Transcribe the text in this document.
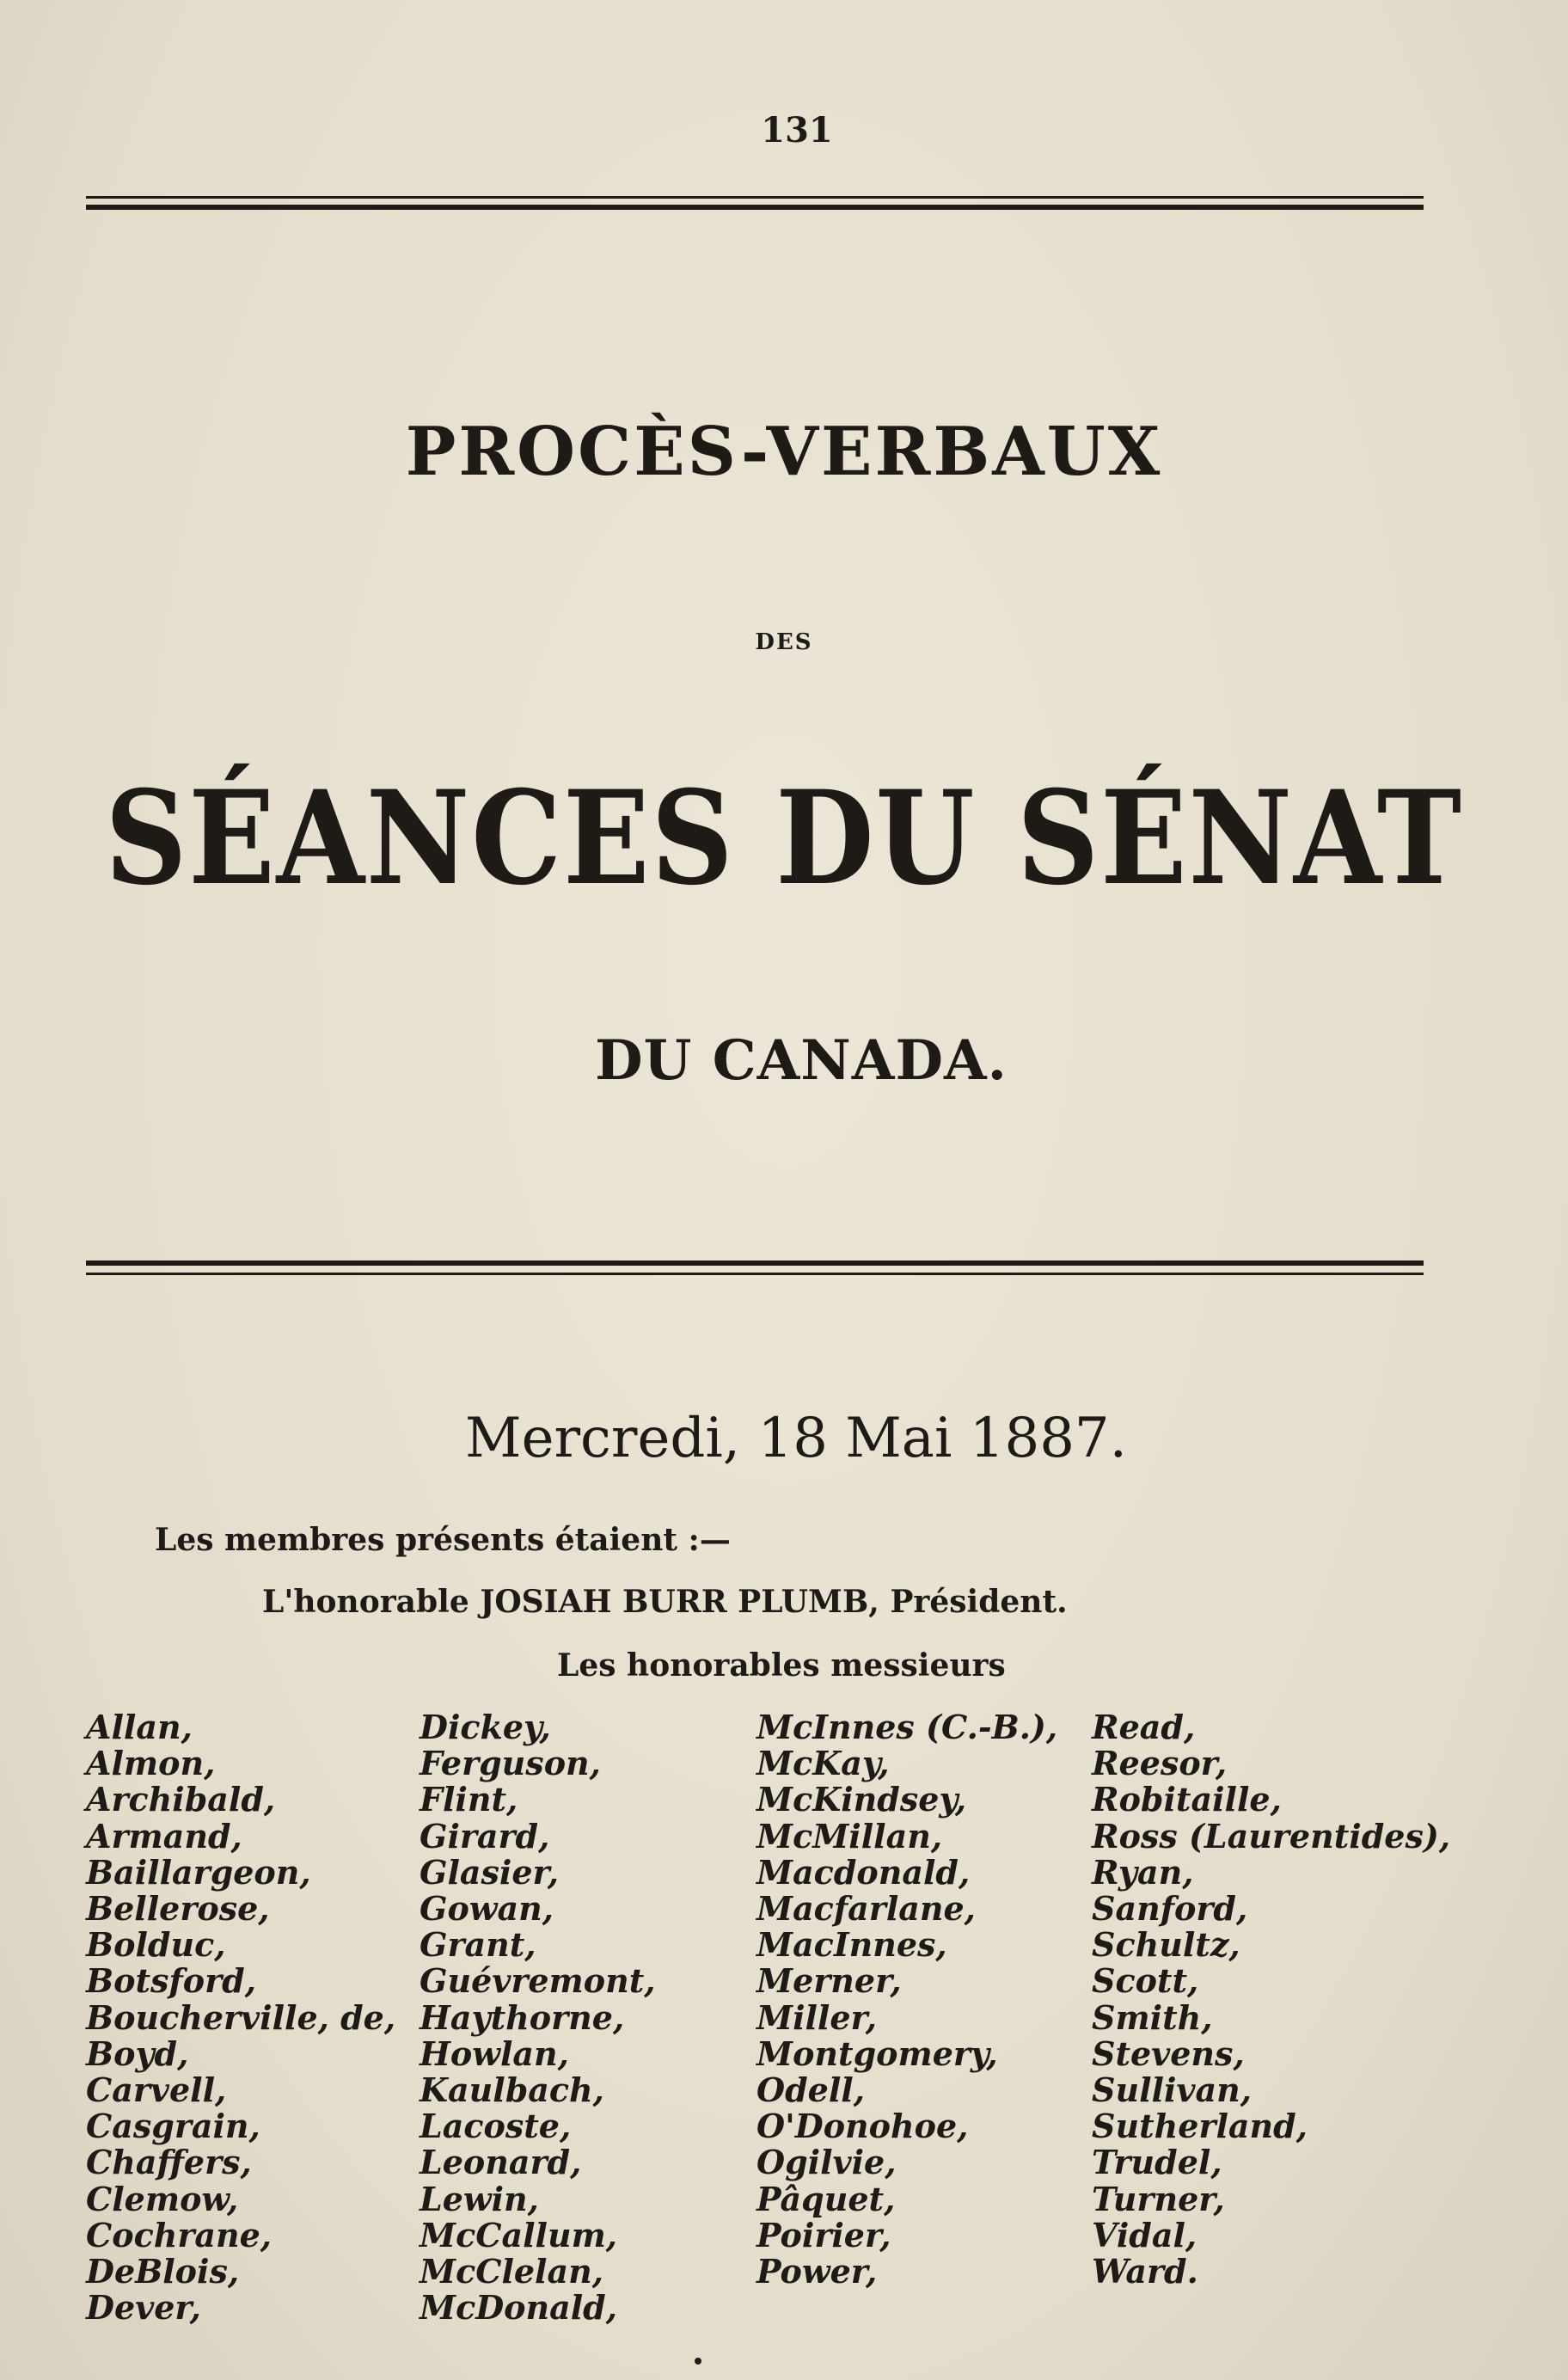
131
PROCÈS-VERBAUX
DES
SÉANCES DU SÉNAT
DU CANADA.
Mercredi, 18 Mai 1887.
Les membres présents étaient :—
L'honorable JOSIAH BURR PLUMB, Président.
Les honorables messieurs
Allan,
Almon,
Archibald,
Armand,
Baillargeon,
Bellerose,
Bolduc,
Botsford,
Boucherville, de,
Boyd,
Carvell,
Casgrain,
Chaffers,
Clemow,
Cochrane,
DeBlois,
Dever,
Dickey,
Ferguson,
Flint,
Girard,
Glasier,
Gowan,
Grant,
Guévremont,
Haythorne,
Howlan,
Kaulbach,
Lacoste,
Leonard,
Lewin,
McCallum,
McClelan,
McDonald,
McInnes (C.-B.),
McKay,
McKindsey,
McMillan,
Macdonald,
Macfarlane,
MacInnes,
Merner,
Miller,
Montgomery,
Odell,
O'Donohoe,
Ogilvie,
Pâquet,
Poirier,
Power,
Read,
Reesor,
Robitaille,
Ross (Laurentides),
Ryan,
Sanford,
Schultz,
Scott,
Smith,
Stevens,
Sullivan,
Sutherland,
Trudel,
Turner,
Vidal,
Ward.
